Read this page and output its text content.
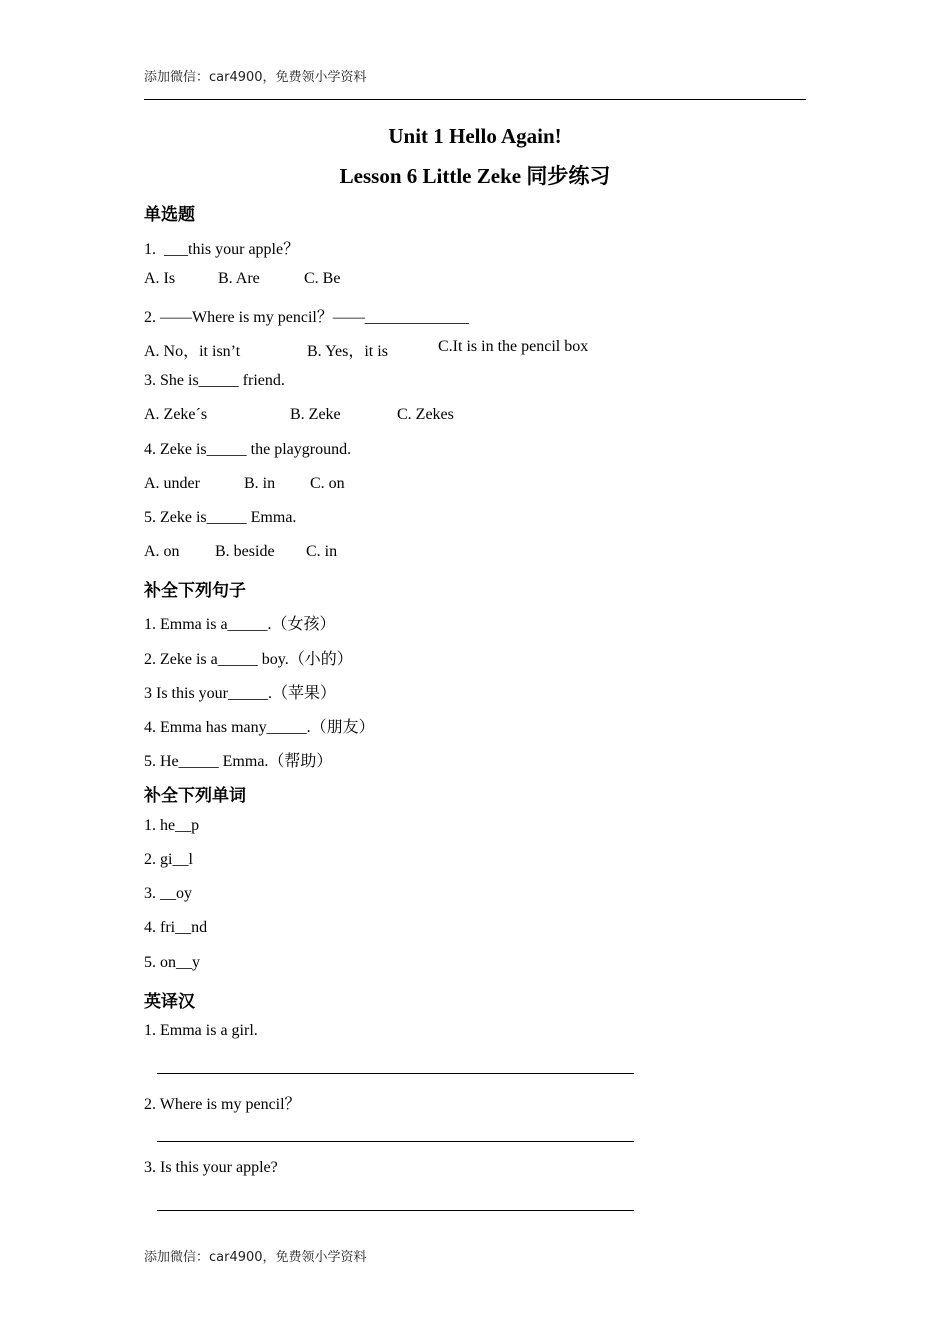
添加微信：car4900，免费领小学资料
Unit 1 Hello Again!
Lesson 6 Little Zeke 同步练习
单选题
1.  ___this your apple？
A. Is	B. Are	C. Be
2. ——Where is my pencil？——_____________
A. No，it isn’t	B. Yes，it is	C.It is in the pencil box
3. She is_____ friend.
A. Zeke´s	B. Zeke	C. Zekes
4. Zeke is_____ the playground.
A. under	B. in C. on
5. Zeke is_____ Emma.
A. on B. beside C. in
补全下列句子
1. Emma is a_____.（女孩）
2. Zeke is a_____ boy.（小的）
3 Is this your_____.（苹果）
4. Emma has many_____.（朋友）
5. He_____ Emma.（帮助）
补全下列单词
1. he__p
2. gi__l
3. __oy
4. fri__nd
5. on__y
英译汉
1. Emma is a girl.
2. Where is my pencil？
3. Is this your apple?
添加微信：car4900，免费领小学资料
